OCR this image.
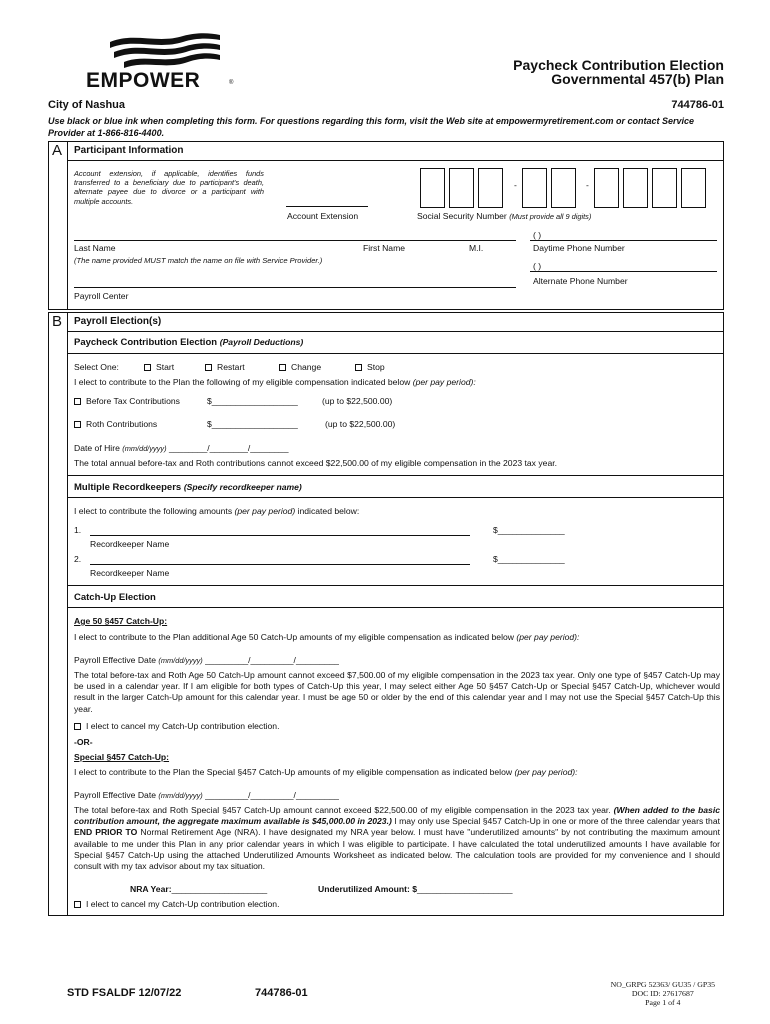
EMPOWER	®
Paycheck Contribution Election
Governmental 457(b) Plan
City of Nashua	744786-01
Use black or blue ink when completing this form. For questions regarding this form, visit the Web site at empowermyretirement.com or contact Service Provider at 1-866-816-4400.
A	Participant Information
Account extension, if applicable, identifies funds transferred to a beneficiary due to participant's death, alternate payee due to divorce or a participant with multiple accounts.
Account Extension
-	-
Social Security Number (Must provide all 9 digits)
( )
Last Name	First Name	M.I.	Daytime Phone Number
(The name provided MUST match the name on file with Service Provider.)
( )
Alternate Phone Number
Payroll Center
B	Payroll Election(s)
Paycheck Contribution Election (Payroll Deductions)
Select One:	Start	Restart	Change	Stop
I elect to contribute to the Plan the following of my eligible compensation indicated below (per pay period):
Before Tax Contributions	$__________________	(up to $22,500.00)
Roth Contributions	$__________________	(up to $22,500.00)
Date of Hire (mm/dd/yyyy) ________/________/________
The total annual before-tax and Roth contributions cannot exceed $22,500.00 of my eligible compensation in the 2023 tax year.
Multiple Recordkeepers (Specify recordkeeper name)
I elect to contribute the following amounts (per pay period) indicated below:
1.	$______________
Recordkeeper Name
2.	$______________
Recordkeeper Name
Catch-Up Election
Age 50 §457 Catch-Up:
I elect to contribute to the Plan additional Age 50 Catch-Up amounts of my eligible compensation as indicated below (per pay period):
Payroll Effective Date (mm/dd/yyyy) _________/_________/_________
The total before-tax and Roth Age 50 Catch-Up amount cannot exceed $7,500.00 of my eligible compensation in the 2023 tax year. Only one type of §457 Catch-Up may be used in a calendar year. If I am eligible for both types of Catch-Up this year, I may select either Age 50 §457 Catch-Up or Special §457 Catch-Up, whichever would result in the larger Catch-Up amount for this calendar year. I must be age 50 or older by the end of this calendar year and I may not use the Special §457 Catch-Up this year.
I elect to cancel my Catch-Up contribution election.
-OR-
Special §457 Catch-Up:
I elect to contribute to the Plan the Special §457 Catch-Up amounts of my eligible compensation as indicated below (per pay period):
Payroll Effective Date (mm/dd/yyyy) _________/_________/_________
The total before-tax and Roth Special §457 Catch-Up amount cannot exceed $22,500.00 of my eligible compensation in the 2023 tax year. (When added to the basic contribution amount, the aggregate maximum available is $45,000.00 in 2023.) I may only use Special §457 Catch-Up in one or more of the three calendar years that END PRIOR TO Normal Retirement Age (NRA). I have designated my NRA year below. I must have "underutilized amounts" by not contributing the maximum amount available to me under this Plan in any prior calendar years in which I was eligible to participate. I have calculated the total underutilized amounts I have available for Special §457 Catch-Up using the attached Underutilized Amounts Worksheet as indicated below. The calculation tools are provided for my convenience and I should consult with my tax advisor about my tax situation.
NRA Year:____________________	Underutilized Amount: $____________________
I elect to cancel my Catch-Up contribution election.
STD FSALDF 12/07/22	744786-01
NO_GRPG 52363/ GU35 / GP35
DOC ID: 27617687
Page 1 of 4
